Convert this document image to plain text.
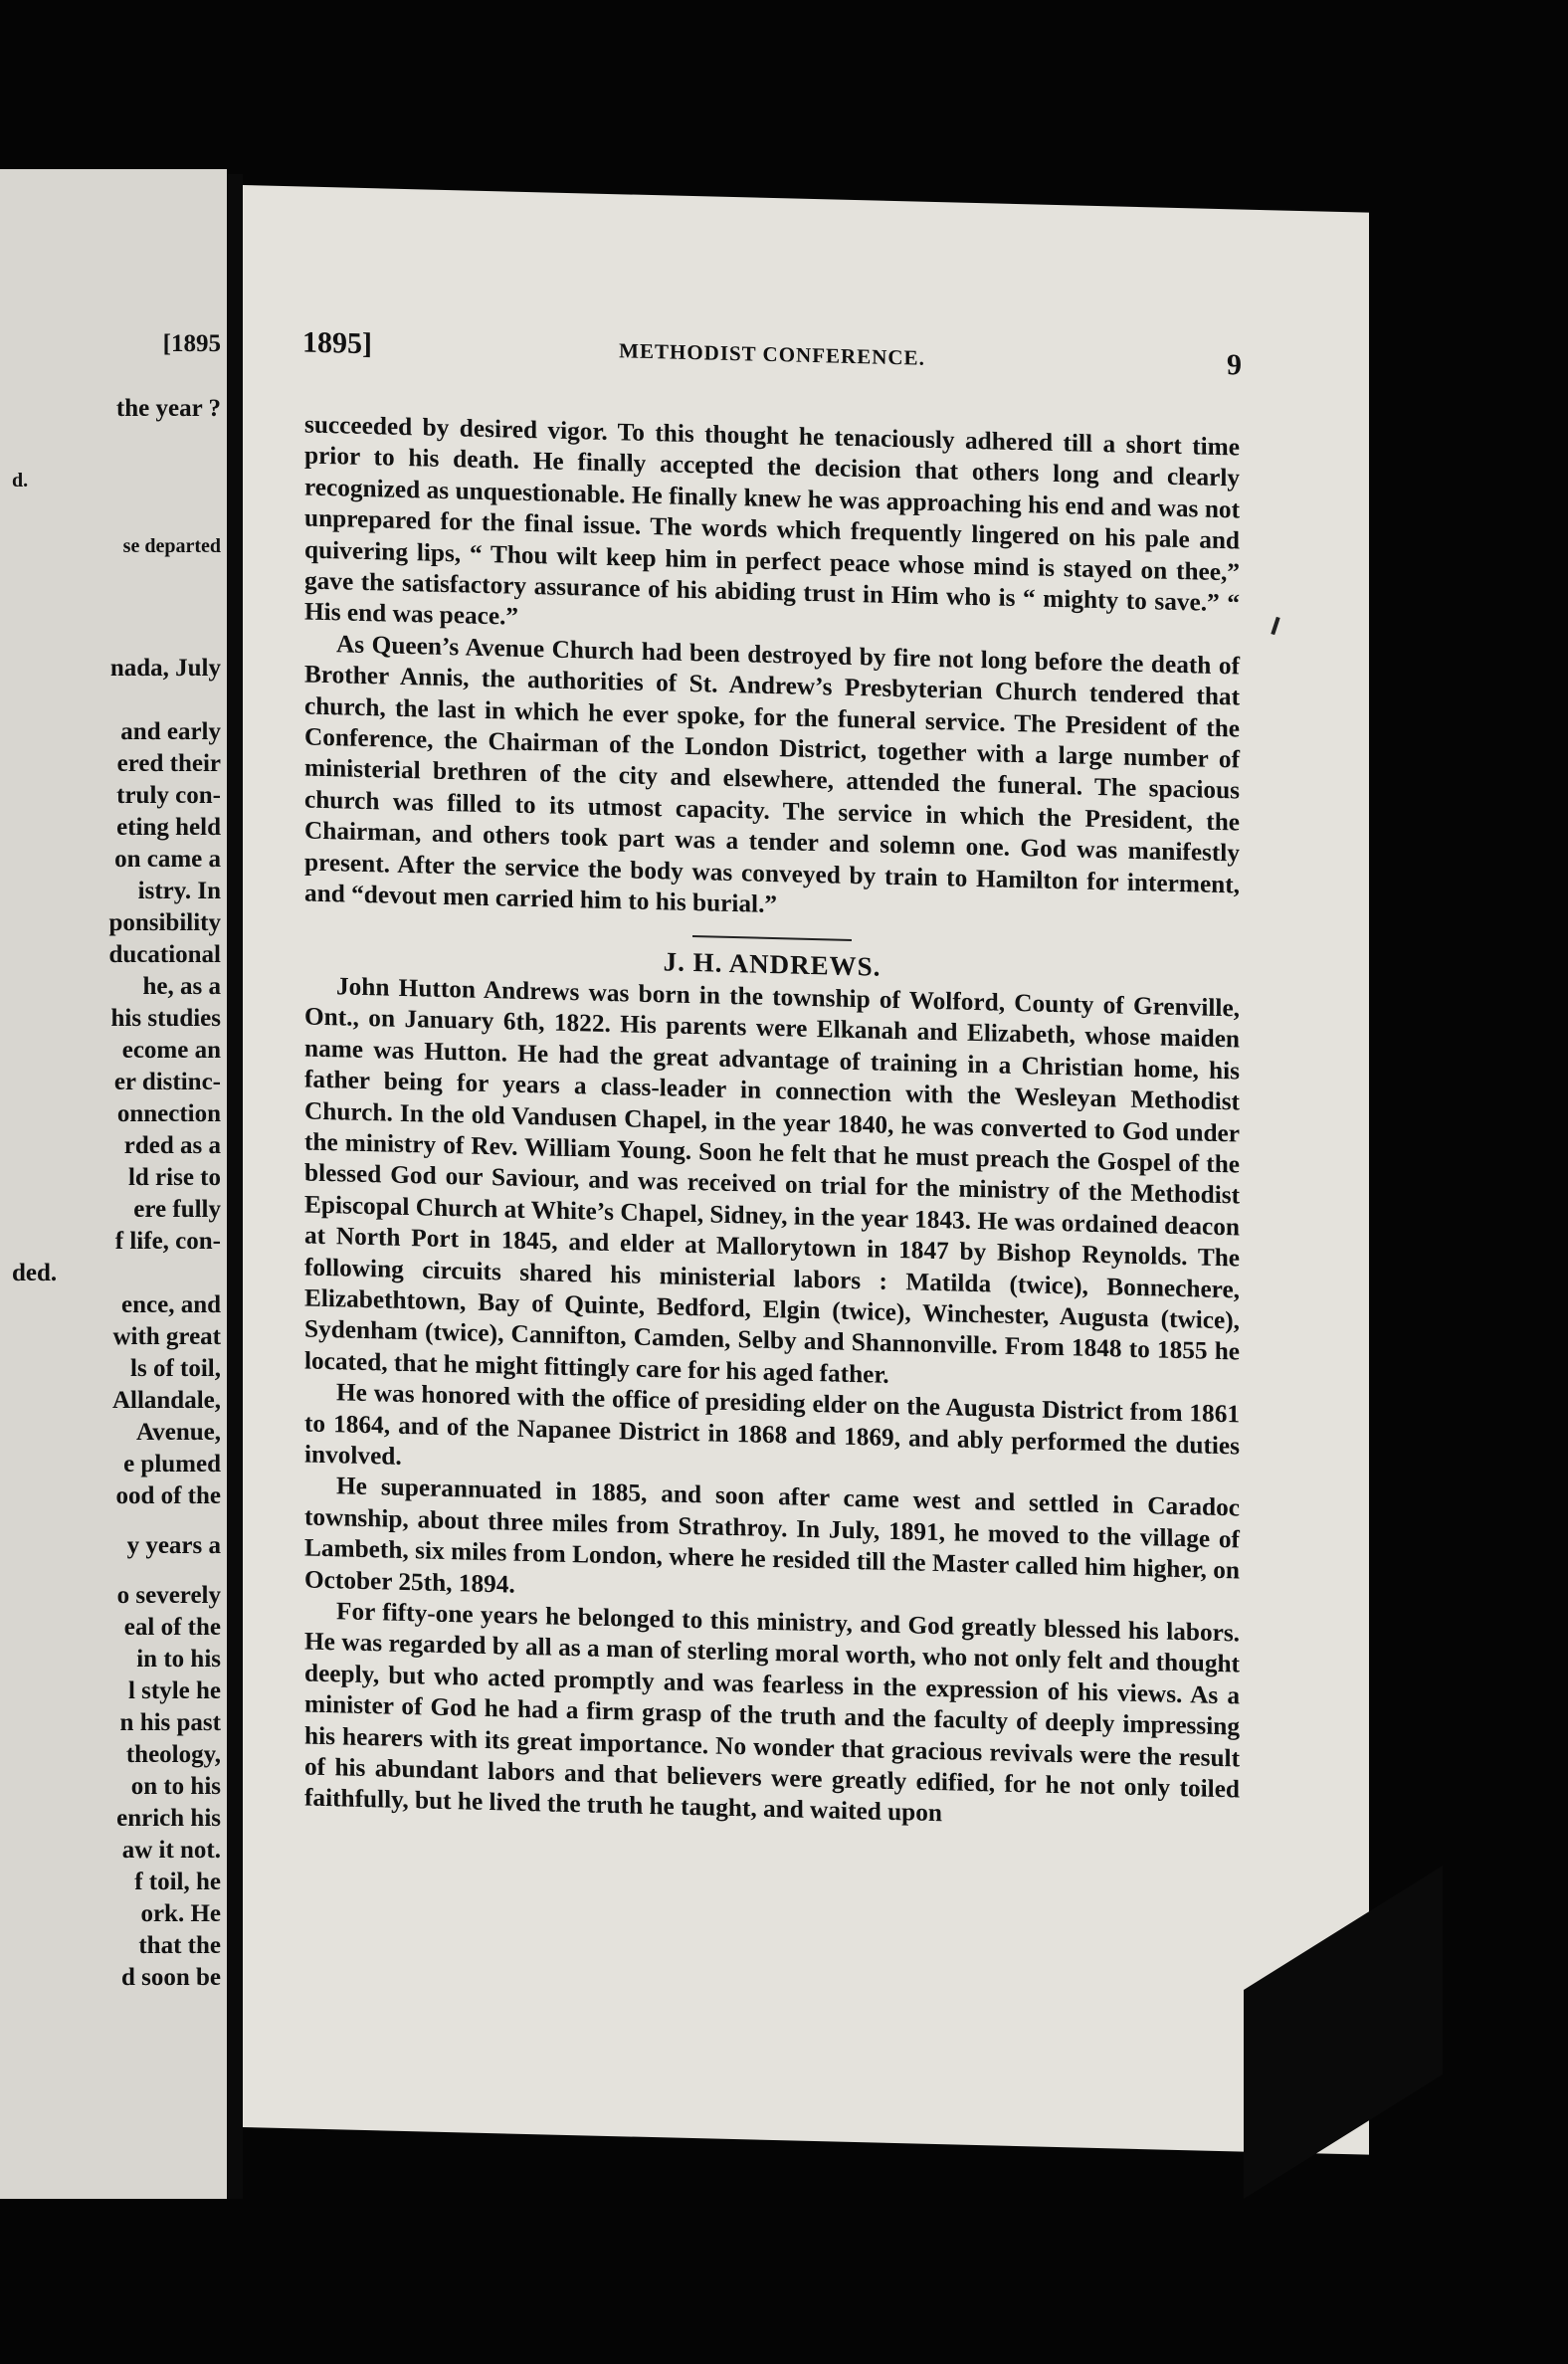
[1895
the year ?
d.
se departed
nada, July
and early
ered their
truly con-
eting held
on came a
istry. In
ponsibility
ducational
he, as a
his studies
ecome an
er distinc-
onnection
rded as a
ld rise to
ere fully
f life, con-
ded.
ence, and
with great
ls of toil,
Allandale,
Avenue,
e plumed
ood of the
y years a
o severely
eal of the
in to his
l style he
n his past
theology,
on to his
enrich his
aw it not.
f toil, he
ork. He
that the
d soon be
1895]	METHODIST CONFERENCE.	9

succeeded by desired vigor. To this thought he tenaciously adhered till a short time prior to his death. He finally accepted the decision that others long and clearly recognized as unquestionable. He finally knew he was approaching his end and was not unprepared for the final issue. The words which frequently lingered on his pale and quivering lips, “ Thou wilt keep him in perfect peace whose mind is stayed on thee,” gave the satisfactory assurance of his abiding trust in Him who is “ mighty to save.” “ His end was peace.”

As Queen’s Avenue Church had been destroyed by fire not long before the death of Brother Annis, the authorities of St. Andrew’s Presbyterian Church tendered that church, the last in which he ever spoke, for the funeral service. The President of the Conference, the Chairman of the London District, together with a large number of ministerial brethren of the city and elsewhere, attended the funeral. The spacious church was filled to its utmost capacity. The service in which the President, the Chairman, and others took part was a tender and solemn one. God was manifestly present. After the service the body was conveyed by train to Hamilton for interment, and “devout men carried him to his burial.”

J. H. ANDREWS.

John Hutton Andrews was born in the township of Wolford, County of Grenville, Ont., on January 6th, 1822. His parents were Elkanah and Elizabeth, whose maiden name was Hutton. He had the great advantage of training in a Christian home, his father being for years a class-leader in connection with the Wesleyan Methodist Church. In the old Vandusen Chapel, in the year 1840, he was converted to God under the ministry of Rev. William Young. Soon he felt that he must preach the Gospel of the blessed God our Saviour, and was received on trial for the ministry of the Methodist Episcopal Church at White’s Chapel, Sidney, in the year 1843. He was ordained deacon at North Port in 1845, and elder at Mallorytown in 1847 by Bishop Reynolds. The following circuits shared his ministerial labors : Matilda (twice), Bonnechere, Elizabethtown, Bay of Quinte, Bedford, Elgin (twice), Winchester, Augusta (twice), Sydenham (twice), Cannifton, Camden, Selby and Shannonville. From 1848 to 1855 he located, that he might fittingly care for his aged father.

He was honored with the office of presiding elder on the Augusta District from 1861 to 1864, and of the Napanee District in 1868 and 1869, and ably performed the duties involved.

He superannuated in 1885, and soon after came west and settled in Caradoc township, about three miles from Strathroy. In July, 1891, he moved to the village of Lambeth, six miles from London, where he resided till the Master called him higher, on October 25th, 1894.

For fifty-one years he belonged to this ministry, and God greatly blessed his labors. He was regarded by all as a man of sterling moral worth, who not only felt and thought deeply, but who acted promptly and was fearless in the expression of his views. As a minister of God he had a firm grasp of the truth and the faculty of deeply impressing his hearers with its great importance. No wonder that gracious revivals were the result of his abundant labors and that believers were greatly edified, for he not only toiled faithfully, but he lived the truth he taught, and waited upon
